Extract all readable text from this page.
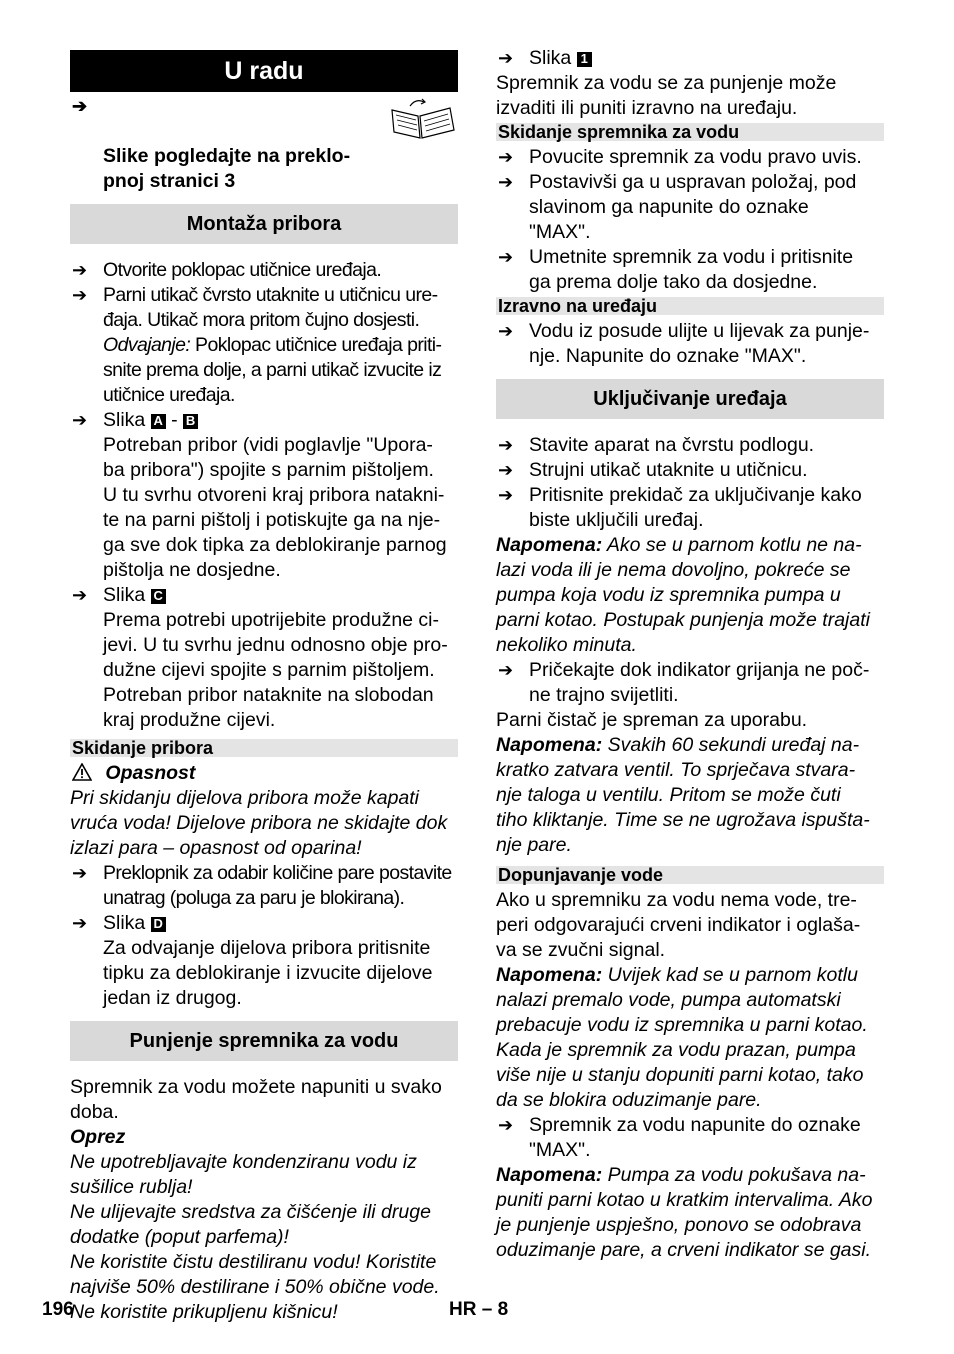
U radu

➔

Slike pogledajte na preklo-
pnoj stranici 3

Montaža pribora
➔ Otvorite poklopac utičnice uređaja.
➔ Parni utikač čvrsto utaknite u utičnicu ure-
đaja. Utikač mora pritom čujno dosjesti.
Odvajanje: Poklopac utičnice uređaja priti-
snite prema dolje, a parni utikač izvucite iz
utičnice uređaja.
➔ Slika A - B
Potreban pribor (vidi poglavlje "Upora-
ba pribora") spojite s parnim pištoljem.
U tu svrhu otvoreni kraj pribora natakni-
te na parni pištolj i potiskujte ga na nje-
ga sve dok tipka za deblokiranje parnog
pištolja ne dosjedne.
➔ Slika C
Prema potrebi upotrijebite produžne ci-
jevi. U tu svrhu jednu odnosno obje pro-
dužne cijevi spojite s parnim pištoljem.
Potreban pribor nataknite na slobodan
kraj produžne cijevi.
Skidanje pribora
Opasnost
Pri skidanju dijelova pribora može kapati
vruća voda! Dijelove pribora ne skidajte dok
izlazi para – opasnost od oparina!
➔ Preklopnik za odabir količine pare postavite
unatrag (poluga za paru je blokirana).
➔ Slika D
Za odvajanje dijelova pribora pritisnite
tipku za deblokiranje i izvucite dijelove
jedan iz drugog.
Punjenje spremnika za vodu
Spremnik za vodu možete napuniti u svako
doba.
Oprez
Ne upotrebljavajte kondenziranu vodu iz
sušilice rublja!
Ne ulijevajte sredstva za čišćenje ili druge
dodatke (poput parfema)!
Ne koristite čistu destiliranu vodu! Koristite
najviše 50% destilirane i 50% obične vode.
Ne koristite prikupljenu kišnicu!
➔ Slika 1
Spremnik za vodu se za punjenje može
izvaditi ili puniti izravno na uređaju.
Skidanje spremnika za vodu
➔ Povucite spremnik za vodu pravo uvis.
➔ Postavivši ga u uspravan položaj, pod
slavinom ga napunite do oznake
"MAX".
➔ Umetnite spremnik za vodu i pritisnite
ga prema dolje tako da dosjedne.
Izravno na uređaju
➔ Vodu iz posude ulijte u lijevak za punje-
nje. Napunite do oznake "MAX".
Uključivanje uređaja
➔ Stavite aparat na čvrstu podlogu.
➔ Strujni utikač utaknite u utičnicu.
➔ Pritisnite prekidač za uključivanje kako
biste uključili uređaj.
Napomena: Ako se u parnom kotlu ne na-
lazi voda ili je nema dovoljno, pokreće se
pumpa koja vodu iz spremnika pumpa u
parni kotao. Postupak punjenja može trajati
nekoliko minuta.
➔ Pričekajte dok indikator grijanja ne poč-
ne trajno svijetliti.
Parni čistač je spreman za uporabu.
Napomena: Svakih 60 sekundi uređaj na-
kratko zatvara ventil. To sprječava stvara-
nje taloga u ventilu. Pritom se može čuti
tiho kliktanje. Time se ne ugrožava ispušta-
nje pare.
Dopunjavanje vode
Ako u spremniku za vodu nema vode, tre-
peri odgovarajući crveni indikator i oglaša-
va se zvučni signal.
Napomena: Uvijek kad se u parnom kotlu
nalazi premalo vode, pumpa automatski
prebacuje vodu iz spremnika u parni kotao.
Kada je spremnik za vodu prazan, pumpa
više nije u stanju dopuniti parni kotao, tako
da se blokira oduzimanje pare.
➔ Spremnik za vodu napunite do oznake
"MAX".
Napomena: Pumpa za vodu pokušava na-
puniti parni kotao u kratkim intervalima. Ako
je punjenje uspješno, ponovo se odobrava
oduzimanje pare, a crveni indikator se gasi.
196	HR – 8
